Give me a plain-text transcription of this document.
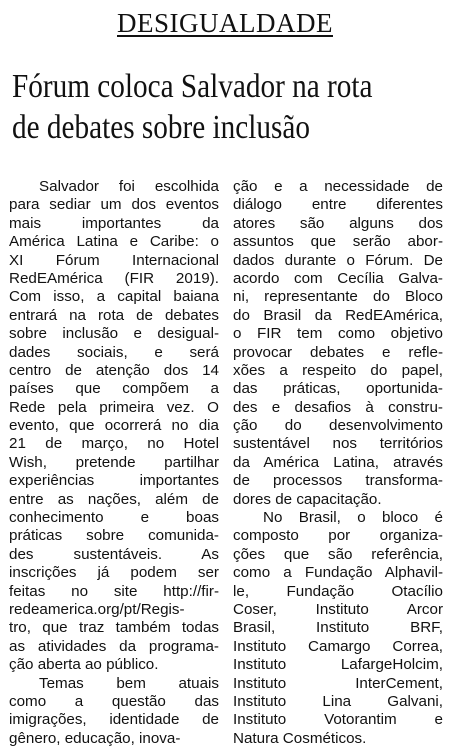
DESIGUALDADE
Fórum coloca Salvador na rota
de debates sobre inclusão
Salvador foi escolhida
para sediar um dos eventos
mais importantes da
América Latina e Caribe: o
XI Fórum Internacional
RedEAmérica (FIR 2019).
Com isso, a capital baiana
entrará na rota de debates
sobre inclusão e desigual-
dades sociais, e será
centro de atenção dos 14
países que compõem a
Rede pela primeira vez. O
evento, que ocorrerá no dia
21 de março, no Hotel
Wish, pretende partilhar
experiências importantes
entre as nações, além de
conhecimento e boas
práticas sobre comunida-
des sustentáveis. As
inscrições já podem ser
feitas no site http://fir-
redeamerica.org/pt/Regis-
tro, que traz também todas
as atividades da programa-
ção aberta ao público.
Temas bem atuais
como a questão das
imigrações, identidade de
gênero, educação, inova-
ção e a necessidade de
diálogo entre diferentes
atores são alguns dos
assuntos que serão abor-
dados durante o Fórum. De
acordo com Cecília Galva-
ni, representante do Bloco
do Brasil da RedEAmérica,
o FIR tem como objetivo
provocar debates e refle-
xões a respeito do papel,
das práticas, oportunida-
des e desafios à constru-
ção do desenvolvimento
sustentável nos territórios
da América Latina, através
de processos transforma-
dores de capacitação.
No Brasil, o bloco é
composto por organiza-
ções que são referência,
como a Fundação Alphavil-
le, Fundação Otacílio
Coser, Instituto Arcor
Brasil, Instituto BRF,
Instituto Camargo Correa,
Instituto LafargeHolcim,
Instituto InterCement,
Instituto Lina Galvani,
Instituto Votorantim e
Natura Cosméticos.
